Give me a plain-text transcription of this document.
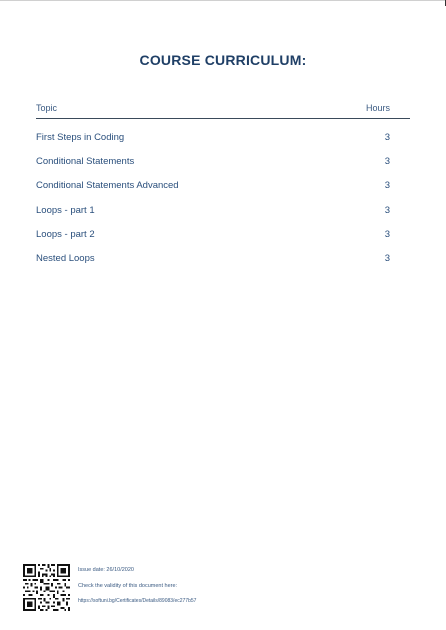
COURSE CURRICULUM:
Topic	Hours
First Steps in Coding	3
Conditional Statements	3
Conditional Statements Advanced	3
Loops - part 1	3
Loops - part 2	3
Nested Loops	3
Issue date: 26/10/2020
Check the validity of this document here:
https://softuni.bg/Certificates/Details/89083/ec277b57
